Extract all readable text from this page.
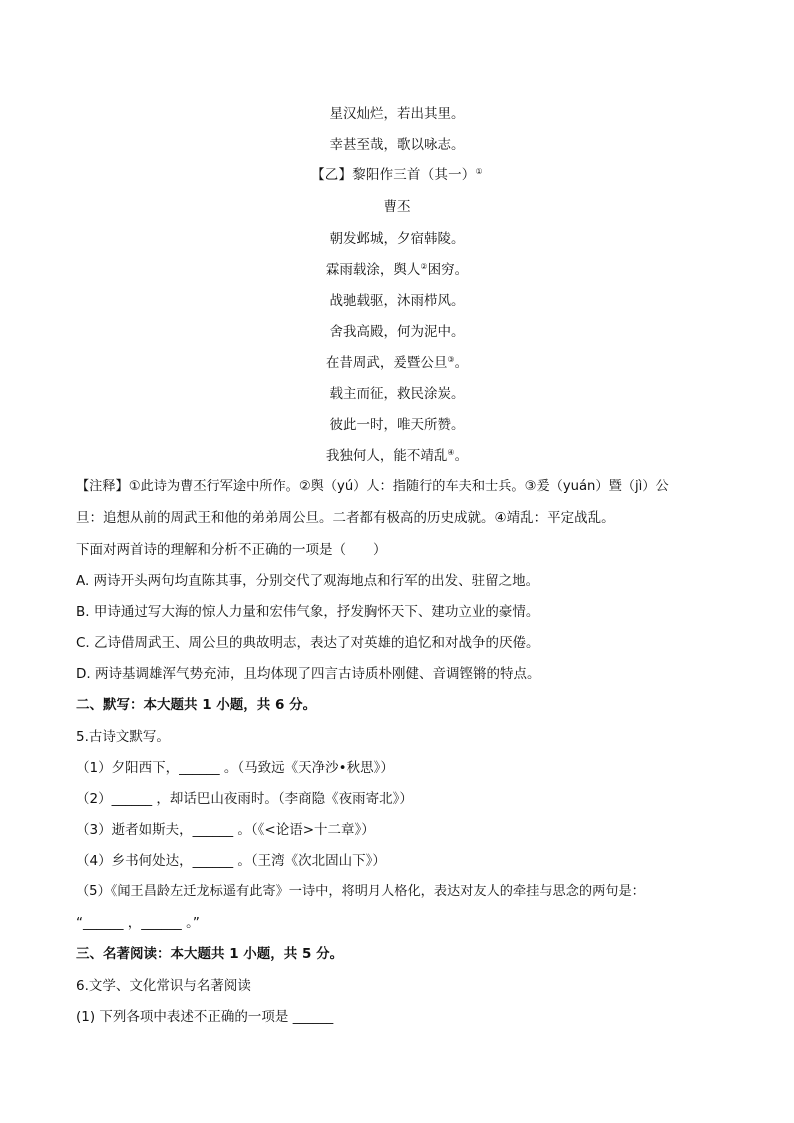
星汉灿烂，若出其里。
幸甚至哉，歌以咏志。
【乙】黎阳作三首（其一）①
曹丕
朝发邺城，夕宿韩陵。
霖雨载涂，舆人②困穷。
战驰载驱，沐雨栉风。
舍我高殿，何为泥中。
在昔周武，爰暨公旦③。
载主而征，救民涂炭。
彼此一时，唯天所赞。
我独何人，能不靖乱④。
【注释】①此诗为曹丕行军途中所作。②舆（yú）人：指随行的车夫和士兵。③爰（yuán）暨（jì）公
旦：追想从前的周武王和他的弟弟周公旦。二者都有极高的历史成就。④靖乱：平定战乱。
下面对两首诗的理解和分析不正确的一项是（　　）
A. 两诗开头两句均直陈其事，分别交代了观海地点和行军的出发、驻留之地。
B. 甲诗通过写大海的惊人力量和宏伟气象，抒发胸怀天下、建功立业的豪情。
C. 乙诗借周武王、周公旦的典故明志，表达了对英雄的追忆和对战争的厌倦。
D. 两诗基调雄浑气势充沛，且均体现了四言古诗质朴刚健、音调铿锵的特点。
二、默写：本大题共 1 小题，共 6 分。
5.古诗文默写。
（1）夕阳西下，______ 。（马致远《天净沙•秋思》）
（2）______ ，却话巴山夜雨时。（李商隐《夜雨寄北》）
（3）逝者如斯夫，______ 。（《<论语>十二章》）
（4）乡书何处达，______ 。（王湾《次北固山下》）
（5）《闻王昌龄左迁龙标遥有此寄》一诗中，将明月人格化，表达对友人的牵挂与思念的两句是：
“______ ，______ 。”
三、名著阅读：本大题共 1 小题，共 5 分。
6.文学、文化常识与名著阅读
(1) 下列各项中表述不正确的一项是 ______
